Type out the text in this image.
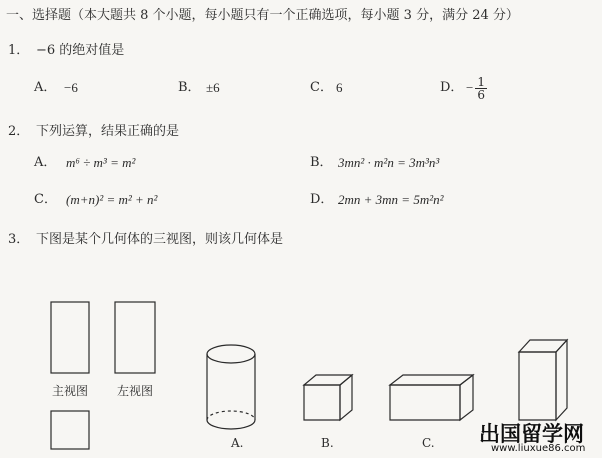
一、选择题（本大题共 8 个小题，每小题只有一个正确选项，每小题 3 分，满分 24 分）
1． −6 的绝对值是
A． −6	B． ±6	C． 6	D． − $\frac{1}{6}$
2． 下列运算，结果正确的是
A． m⁶ ÷ m³ = m²	B． 3mn² · m²n = 3m³n³
C． (m+n)² = m² + n²	D． 2mn + 3mn = 5m²n²
3． 下图是某个几何体的三视图，则该几何体是
主视图 左视图
A.	B.	C. 出国留学网
www.liuxue86.com
